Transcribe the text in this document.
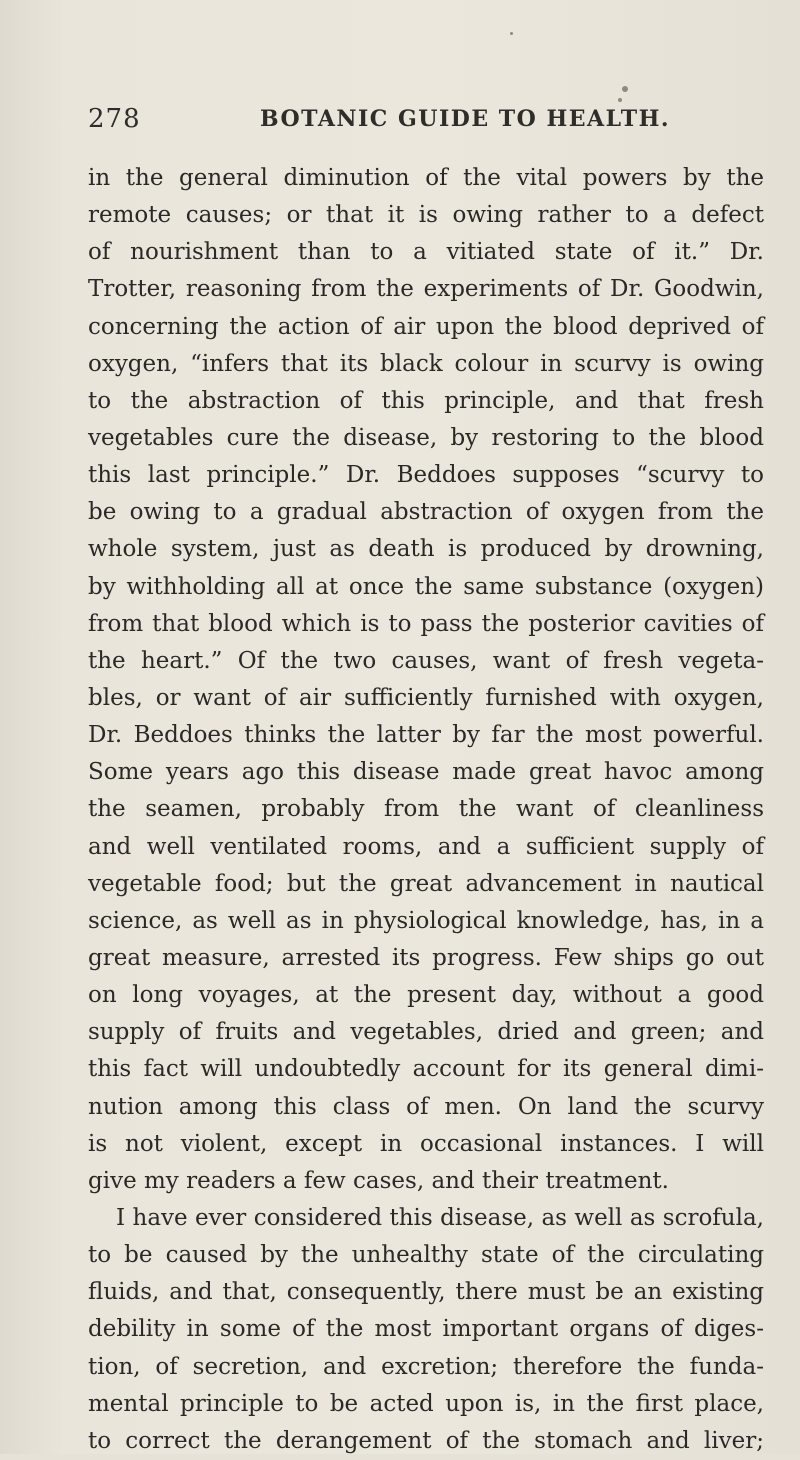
278	BOTANIC GUIDE TO HEALTH.
in the general diminution of the vital powers by the
remote causes; or that it is owing rather to a defect
of nourishment than to a vitiated state of it.” Dr.
Trotter, reasoning from the experiments of Dr. Goodwin,
concerning the action of air upon the blood deprived of
oxygen, “infers that its black colour in scurvy is owing
to the abstraction of this principle, and that fresh
vegetables cure the disease, by restoring to the blood
this last principle.” Dr. Beddoes supposes “scurvy to
be owing to a gradual abstraction of oxygen from the
whole system, just as death is produced by drowning,
by withholding all at once the same substance (oxygen)
from that blood which is to pass the posterior cavities of
the heart.” Of the two causes, want of fresh vegeta-
bles, or want of air sufficiently furnished with oxygen,
Dr. Beddoes thinks the latter by far the most powerful.
Some years ago this disease made great havoc among
the seamen, probably from the want of cleanliness
and well ventilated rooms, and a sufficient supply of
vegetable food; but the great advancement in nautical
science, as well as in physiological knowledge, has, in a
great measure, arrested its progress. Few ships go out
on long voyages, at the present day, without a good
supply of fruits and vegetables, dried and green; and
this fact will undoubtedly account for its general dimi-
nution among this class of men. On land the scurvy
is not violent, except in occasional instances. I will
give my readers a few cases, and their treatment.
I have ever considered this disease, as well as scrofula,
to be caused by the unhealthy state of the circulating
fluids, and that, consequently, there must be an existing
debility in some of the most important organs of diges-
tion, of secretion, and excretion; therefore the funda-
mental principle to be acted upon is, in the first place,
to correct the derangement of the stomach and liver;
